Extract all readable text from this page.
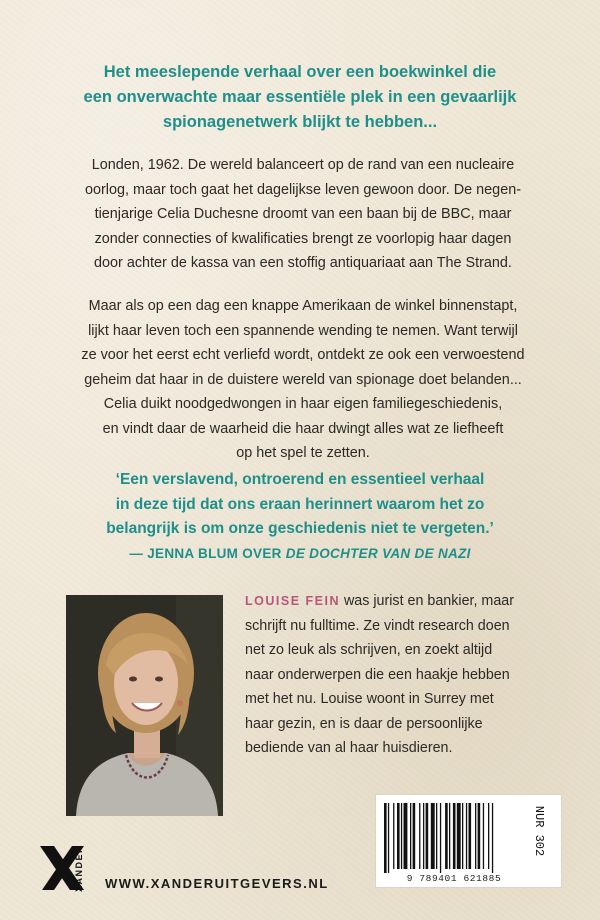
Het meeslepende verhaal over een boekwinkel die
een onverwachte maar essentiële plek in een gevaarlijk
spionagenetwerk blijkt te hebben...
Londen, 1962. De wereld balanceert op de rand van een nucleaire
oorlog, maar toch gaat het dagelijkse leven gewoon door. De negen-
tienjarige Celia Duchesne droomt van een baan bij de BBC, maar
zonder connecties of kwalificaties brengt ze voorlopig haar dagen
door achter de kassa van een stoffig antiquariaat aan The Strand.
Maar als op een dag een knappe Amerikaan de winkel binnenstapt,
lijkt haar leven toch een spannende wending te nemen. Want terwijl
ze voor het eerst echt verliefd wordt, ontdekt ze ook een verwoestend
geheim dat haar in de duistere wereld van spionage doet belanden...
Celia duikt noodgedwongen in haar eigen familiegeschiedenis,
en vindt daar de waarheid die haar dwingt alles wat ze liefheeft
op het spel te zetten.
‘Een verslavend, ontroerend en essentieel verhaal
in deze tijd dat ons eraan herinnert waarom het zo
belangrijk is om onze geschiedenis niet te vergeten.’
— JENNA BLUM OVER DE DOCHTER VAN DE NAZI
LOUISE FEIN was jurist en bankier, maar
schrijft nu fulltime. Ze vindt research doen
net zo leuk als schrijven, en zoekt altijd
naar onderwerpen die een haakje hebben
met het nu. Louise woont in Surrey met
haar gezin, en is daar de persoonlijke
bediende van al haar huisdieren.
NUR 302
9 789401 621885
XANDER WWW.XANDERUITGEVERS.NL
